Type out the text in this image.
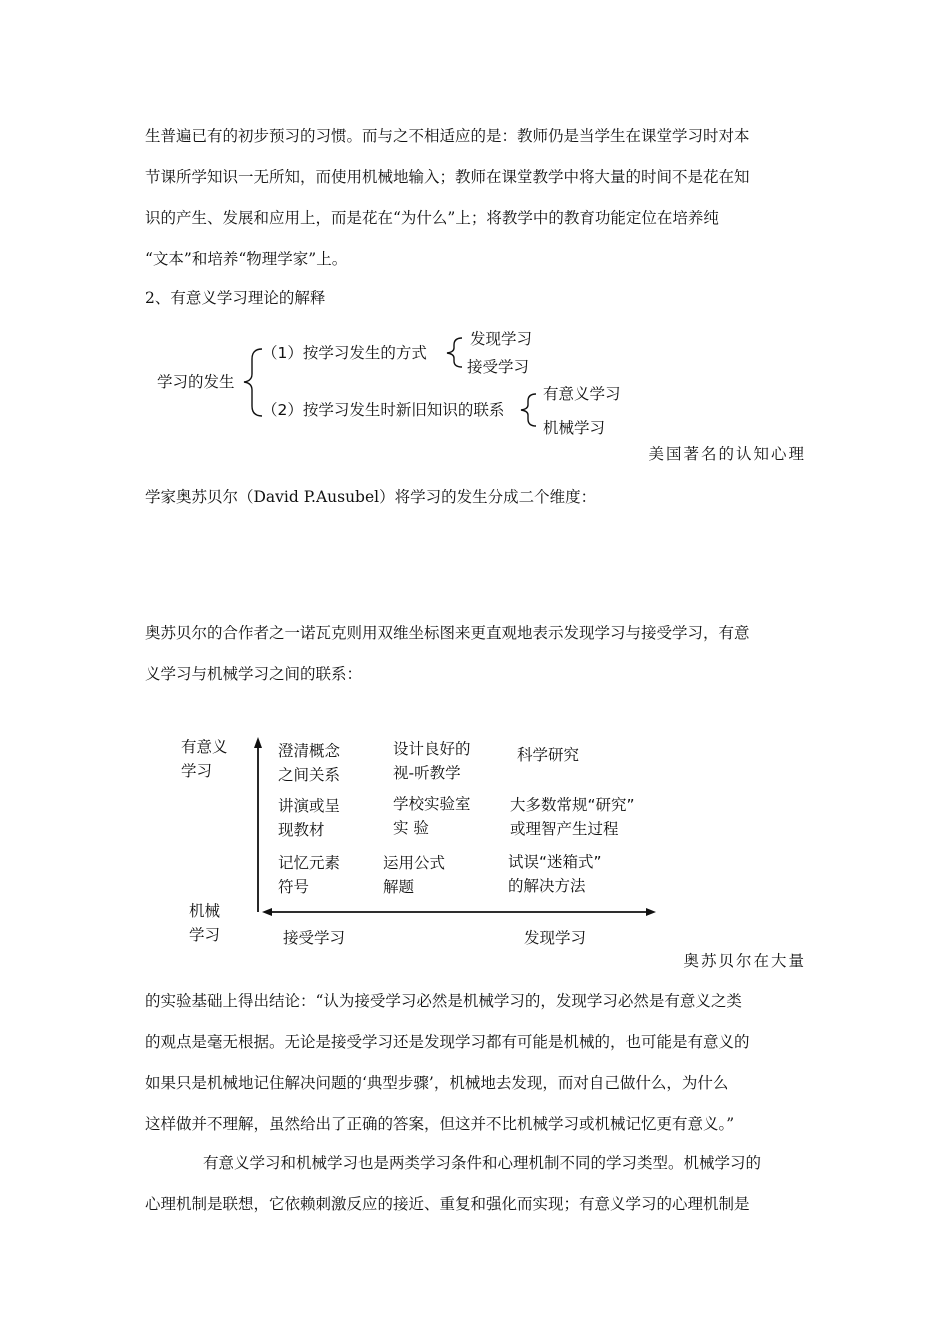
生普遍已有的初步预习的习惯。而与之不相适应的是：教师仍是当学生在课堂学习时对本
节课所学知识一无所知，而使用机械地输入；教师在课堂教学中将大量的时间不是花在知
识的产生、发展和应用上，而是花在“为什么”上；将教学中的教育功能定位在培养纯
“文本”和培养“物理学家”上。
2、有意义学习理论的解释
学习的发生
（1）按学习发生的方式
发现学习
接受学习
（2）按学习发生时新旧知识的联系
有意义学习
机械学习
美国著名的认知心理
学家奥苏贝尔（David P.Ausubel）将学习的发生分成二个维度：
奥苏贝尔的合作者之一诺瓦克则用双维坐标图来更直观地表示发现学习与接受学习，有意
义学习与机械学习之间的联系：
有意义
学习
机械
学习	接受学习	发现学习
澄清概念
之间关系
设计良好的
视-听教学
科学研究
讲演或呈
现教材
学校实验室
实 验
大多数常规“研究”
或理智产生过程
记忆元素
符号
运用公式
解题
试误“迷箱式”
的解决方法
奥苏贝尔在大量
的实验基础上得出结论：“认为接受学习必然是机械学习的，发现学习必然是有意义之类
的观点是毫无根据。无论是接受学习还是发现学习都有可能是机械的，也可能是有意义的
如果只是机械地记住解决问题的‘典型步骤’，机械地去发现，而对自己做什么，为什么
这样做并不理解，虽然给出了正确的答案，但这并不比机械学习或机械记忆更有意义。”
有意义学习和机械学习也是两类学习条件和心理机制不同的学习类型。机械学习的
心理机制是联想，它依赖刺激反应的接近、重复和强化而实现；有意义学习的心理机制是
